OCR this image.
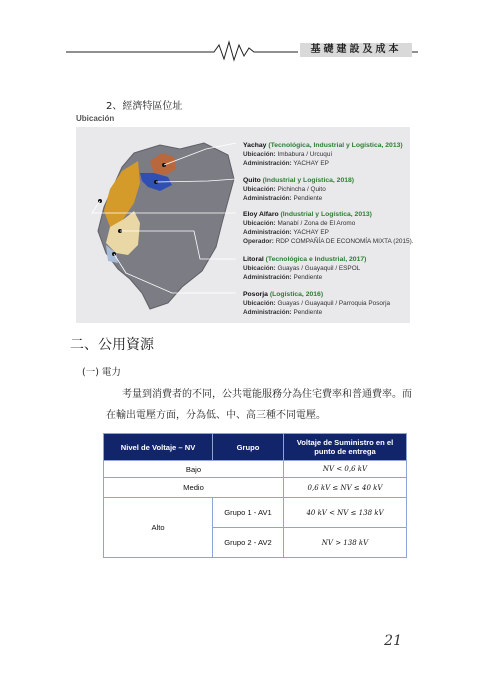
基礎建設及成本
2、經濟特區位址
Ubicación
Yachay (Tecnológica, Industrial y Logística, 2013)
Ubicación: Imbabura / Urcuquí
Administración: YACHAY EP
Quito (Industrial y Logística, 2018)
Ubicación: Pichincha / Quito
Administración: Pendiente
Eloy Alfaro (Industrial y Logística, 2013)
Ubicación: Manabí / Zona de El Aromo
Administración: YACHAY EP
Operador: RDP COMPAÑÍA DE ECONOMÍA MIXTA (2015).
Litoral (Tecnológica e Industrial, 2017)
Ubicación: Guayas / Guayaquil / ESPOL
Administración: Pendiente
Posorja (Logística, 2016)
Ubicación: Guayas / Guayaquil / Parroquia Posorja
Administración: Pendiente
二、公用資源
(一) 電力
考量到消費者的不同，公共電能服務分為住宅費率和普通費率。而
在輸出電壓方面，分為低、中、高三種不同電壓。
Nivel de Voltaje – NV	Grupo	Voltaje de Suministro en el punto de entrega
Bajo		NV < 0,6 kV
Medio		0,6 kV ≤ NV ≤ 40 kV
Alto	Grupo 1 - AV1	40 kV < NV ≤ 138 kV
	Grupo 2 - AV2	NV > 138 kV
21
